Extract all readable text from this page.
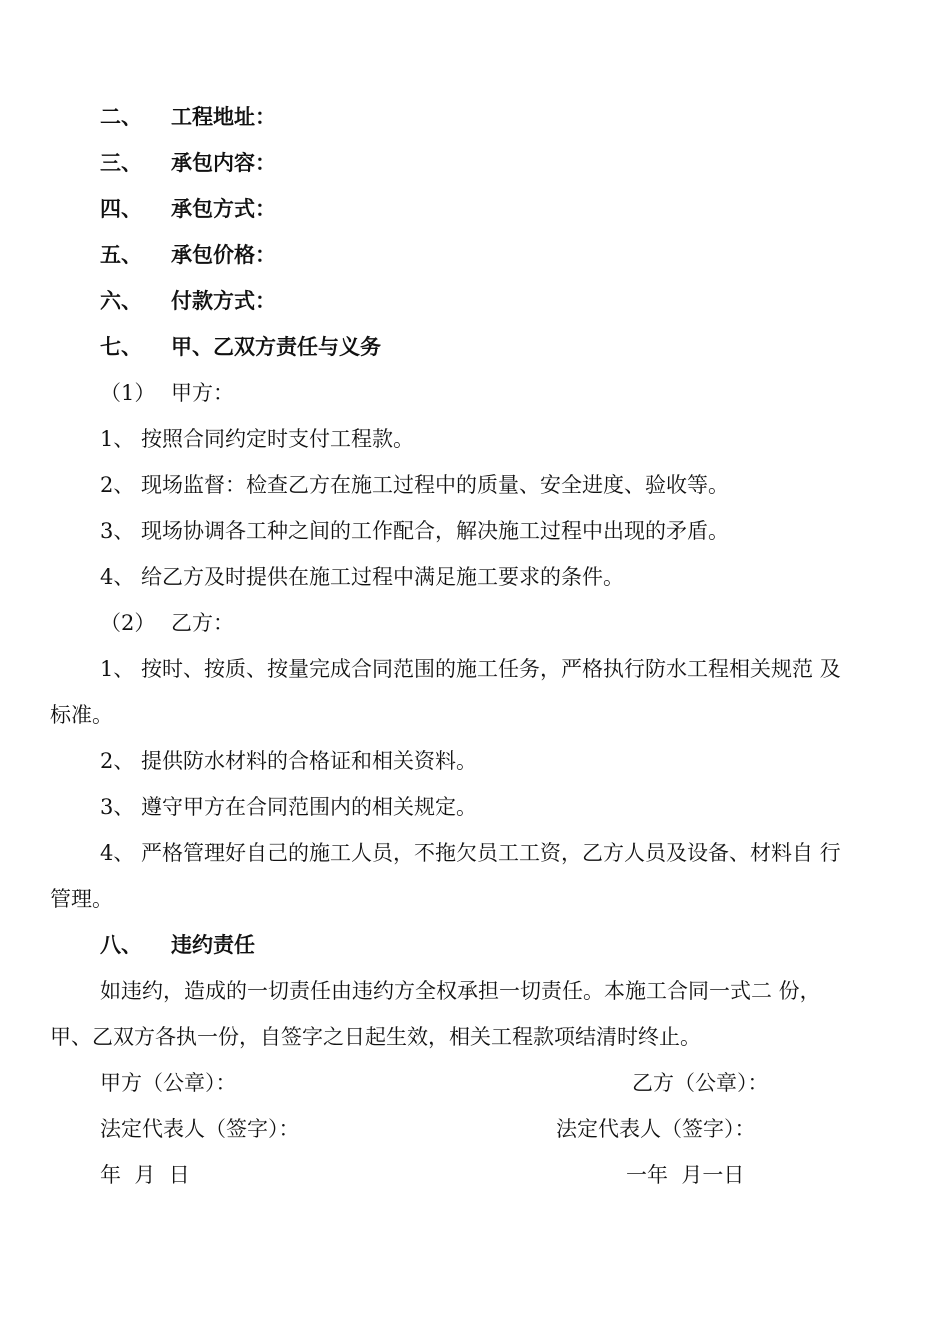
二、 工程地址：
三、 承包内容：
四、 承包方式：
五、 承包价格：
六、 付款方式：
七、 甲、乙双方责任与义务
（1） 甲方：
1、 按照合同约定时支付工程款。
2、 现场监督：检查乙方在施工过程中的质量、安全进度、验收等。
3、 现场协调各工种之间的工作配合，解决施工过程中出现的矛盾。
4、 给乙方及时提供在施工过程中满足施工要求的条件。
（2） 乙方：
1、 按时、按质、按量完成合同范围的施工任务，严格执行防水工程相关规范 及
标准。
2、 提供防水材料的合格证和相关资料。
3、 遵守甲方在合同范围内的相关规定。
4、 严格管理好自己的施工人员，不拖欠员工工资，乙方人员及设备、材料自 行
管理。
八、 违约责任
如违约，造成的一切责任由违约方全权承担一切责任。本施工合同一式二 份，
甲、乙双方各执一份，自签字之日起生效，相关工程款项结清时终止。
甲方（公章）：	乙方（公章）：
法定代表人（签字）：	法定代表人（签字）：
年  月  日	一年  月一日
